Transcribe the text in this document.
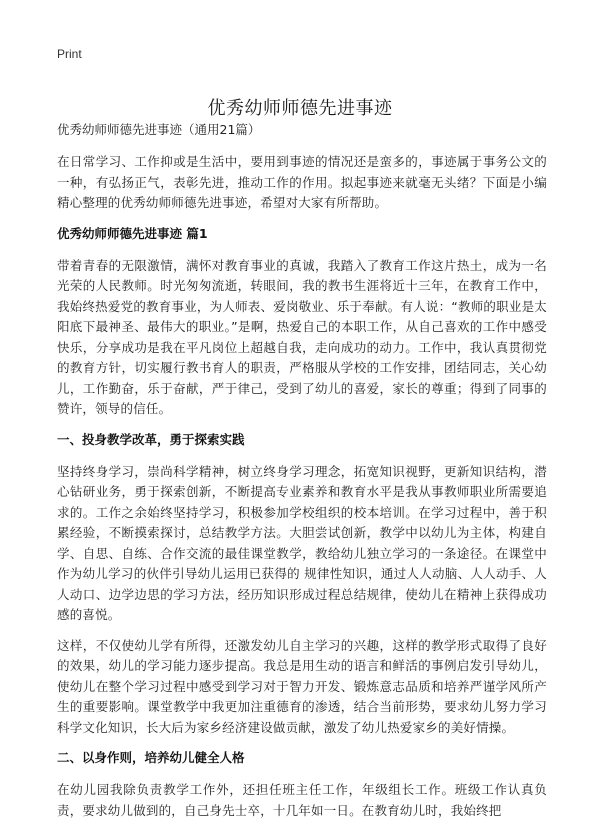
Print
优秀幼师师德先进事迹
优秀幼师师德先进事迹（通用21篇）

在日常学习、工作抑或是生活中，要用到事迹的情况还是蛮多的，事迹属于事务公文的一种，有弘扬正气，表彰先进，推动工作的作用。拟起事迹来就毫无头绪？下面是小编精心整理的优秀幼师师德先进事迹，希望对大家有所帮助。

优秀幼师师德先进事迹 篇1

带着青春的无限激情，满怀对教育事业的真诚，我踏入了教育工作这片热土，成为一名光荣的人民教师。时光匆匆流逝，转眼间，我的教书生涯将近十三年，在教育工作中，我始终热爱党的教育事业，为人师表、爱岗敬业、乐于奉献。有人说：“教师的职业是太阳底下最神圣、最伟大的职业。”是啊，热爱自己的本职工作，从自己喜欢的工作中感受快乐，分享成功是我在平凡岗位上超越自我，走向成功的动力。工作中，我认真贯彻党的教育方针，切实履行教书育人的职责，严格服从学校的工作安排，团结同志，关心幼儿，工作勤奋，乐于奋献，严于律己，受到了幼儿的喜爱，家长的尊重；得到了同事的赞许，领导的信任。

一、投身教学改革，勇于探索实践

坚持终身学习，崇尚科学精神，树立终身学习理念，拓宽知识视野，更新知识结构，潜心钻研业务，勇于探索创新，不断提高专业素养和教育水平是我从事教师职业所需要追求的。工作之余始终坚持学习，积极参加学校组织的校本培训。在学习过程中，善于积累经验，不断摸索探讨，总结教学方法。大胆尝试创新，教学中以幼儿为主体，构建自学、自思、自练、合作交流的最佳课堂教学，教给幼儿独立学习的一条途径。在课堂中作为幼儿学习的伙伴引导幼儿运用已获得的 规律性知识，通过人人动脑、人人动手、人人动口、边学边思的学习方法，经历知识形成过程总结规律，使幼儿在精神上获得成功感的喜悦。

这样，不仅使幼儿学有所得，还激发幼儿自主学习的兴趣，这样的教学形式取得了良好的效果，幼儿的学习能力逐步提高。我总是用生动的语言和鲜活的事例启发引导幼儿，使幼儿在整个学习过程中感受到学习对于智力开发、锻炼意志品质和培养严谨学风所产生的重要影响。课堂教学中我更加注重德育的渗透，结合当前形势，要求幼儿努力学习科学文化知识，长大后为家乡经济建设做贡献，激发了幼儿热爱家乡的美好情操。

二、以身作则，培养幼儿健全人格

在幼儿园我除负责教学工作外，还担任班主任工作，年级组长工作。班级工作认真负责，要求幼儿做到的，自己身先士卒，十几年如一日。在教育幼儿时，我始终把
